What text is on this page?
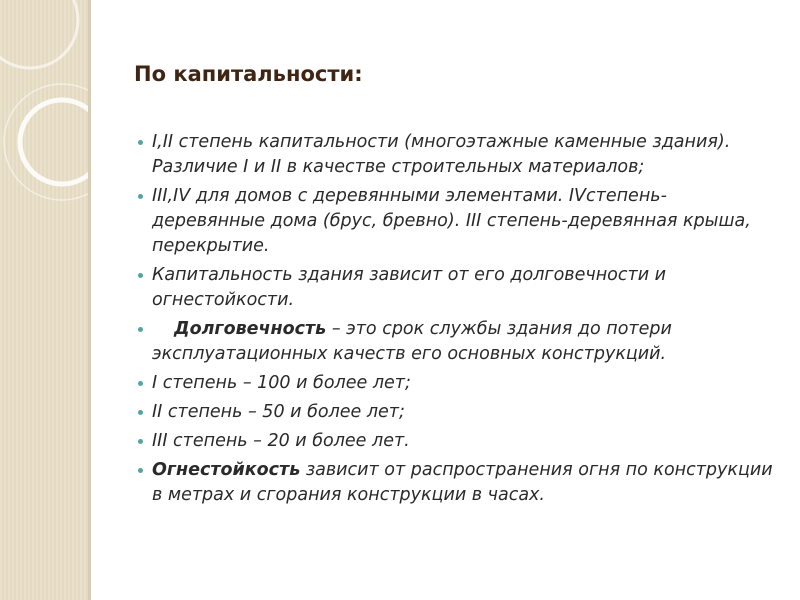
По капитальности:
I,II степень капитальности (многоэтажные каменные здания). Различие I и II в качестве строительных материалов;
III,IV для домов с деревянными элементами. IVстепень-деревянные дома (брус, бревно). III степень-деревянная крыша, перекрытие.
Капитальность здания зависит от его долговечности и огнестойкости.
Долговечность – это срок службы здания до потери эксплуатационных качеств его основных конструкций.
I степень – 100 и более лет;
II степень – 50 и более лет;
III степень – 20 и более лет.
Огнестойкость зависит от распространения огня по конструкции в метрах и сгорания конструкции в часах.
